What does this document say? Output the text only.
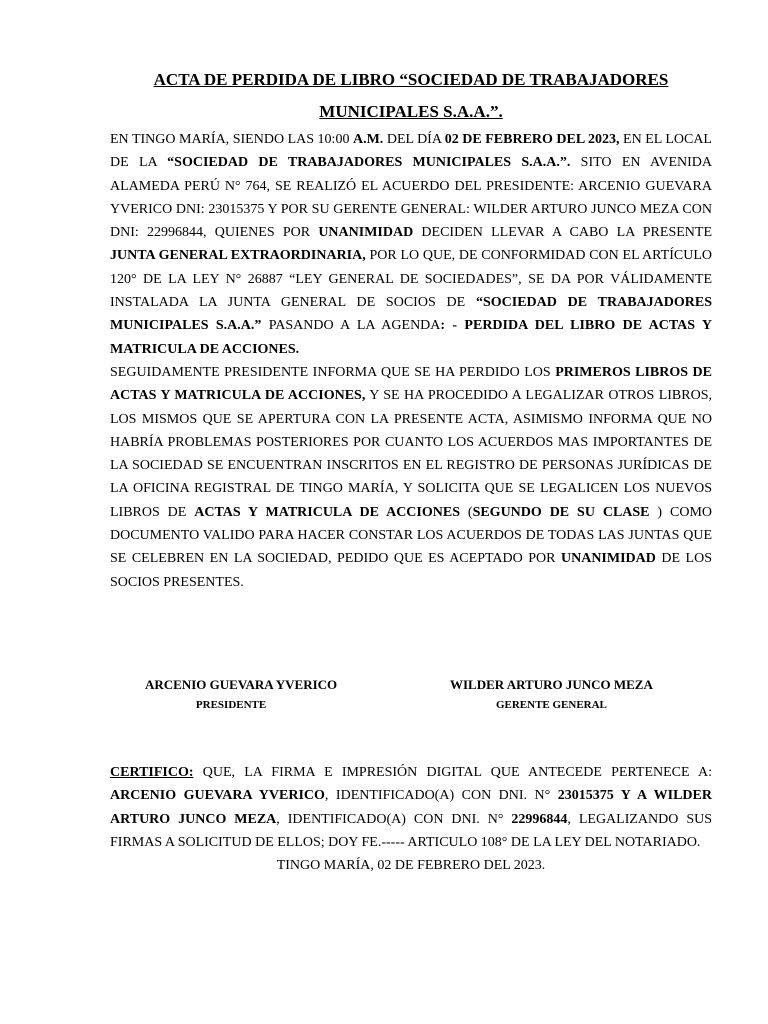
ACTA DE PERDIDA DE LIBRO “SOCIEDAD DE TRABAJADORES

MUNICIPALES S.A.A.”.

EN TINGO MARÍA, SIENDO LAS 10:00 A.M. DEL DÍA 02 DE FEBRERO DEL 2023, EN EL LOCAL DE LA “SOCIEDAD DE TRABAJADORES MUNICIPALES S.A.A.”. SITO EN AVENIDA ALAMEDA PERÚ N° 764, SE REALIZÓ EL ACUERDO DEL PRESIDENTE: ARCENIO GUEVARA YVERICO DNI: 23015375 Y POR SU GERENTE GENERAL: WILDER ARTURO JUNCO MEZA CON DNI: 22996844, QUIENES POR UNANIMIDAD DECIDEN LLEVAR A CABO LA PRESENTE JUNTA GENERAL EXTRAORDINARIA, POR LO QUE, DE CONFORMIDAD CON EL ARTÍCULO 120° DE LA LEY N° 26887 “LEY GENERAL DE SOCIEDADES”, SE DA POR VÁLIDAMENTE INSTALADA LA JUNTA GENERAL DE SOCIOS DE “SOCIEDAD DE TRABAJADORES MUNICIPALES S.A.A.” PASANDO A LA AGENDA: - PERDIDA DEL LIBRO DE ACTAS Y MATRICULA DE ACCIONES.

SEGUIDAMENTE PRESIDENTE INFORMA QUE SE HA PERDIDO LOS PRIMEROS LIBROS DE ACTAS Y MATRICULA DE ACCIONES, Y SE HA PROCEDIDO A LEGALIZAR OTROS LIBROS, LOS MISMOS QUE SE APERTURA CON LA PRESENTE ACTA, ASIMISMO INFORMA QUE NO HABRÍA PROBLEMAS POSTERIORES POR CUANTO LOS ACUERDOS MAS IMPORTANTES DE LA SOCIEDAD SE ENCUENTRAN INSCRITOS EN EL REGISTRO DE PERSONAS JURÍDICAS DE LA OFICINA REGISTRAL DE TINGO MARÍA, Y SOLICITA QUE SE LEGALICEN LOS NUEVOS LIBROS DE ACTAS Y MATRICULA DE ACCIONES (SEGUNDO DE SU CLASE ) COMO DOCUMENTO VALIDO PARA HACER CONSTAR LOS ACUERDOS DE TODAS LAS JUNTAS QUE SE CELEBREN EN LA SOCIEDAD, PEDIDO QUE ES ACEPTADO POR UNANIMIDAD DE LOS SOCIOS PRESENTES.

ARCENIO GUEVARA YVERICO
PRESIDENTE
WILDER ARTURO JUNCO MEZA
GERENTE GENERAL

CERTIFICO: QUE, LA FIRMA E IMPRESIÓN DIGITAL QUE ANTECEDE PERTENECE A: ARCENIO GUEVARA YVERICO, IDENTIFICADO(A) CON DNI. N° 23015375 Y A WILDER ARTURO JUNCO MEZA, IDENTIFICADO(A) CON DNI. N° 22996844, LEGALIZANDO SUS FIRMAS A SOLICITUD DE ELLOS; DOY FE.----- ARTICULO 108° DE LA LEY DEL NOTARIADO.

TINGO MARÍA, 02 DE FEBRERO DEL 2023.
